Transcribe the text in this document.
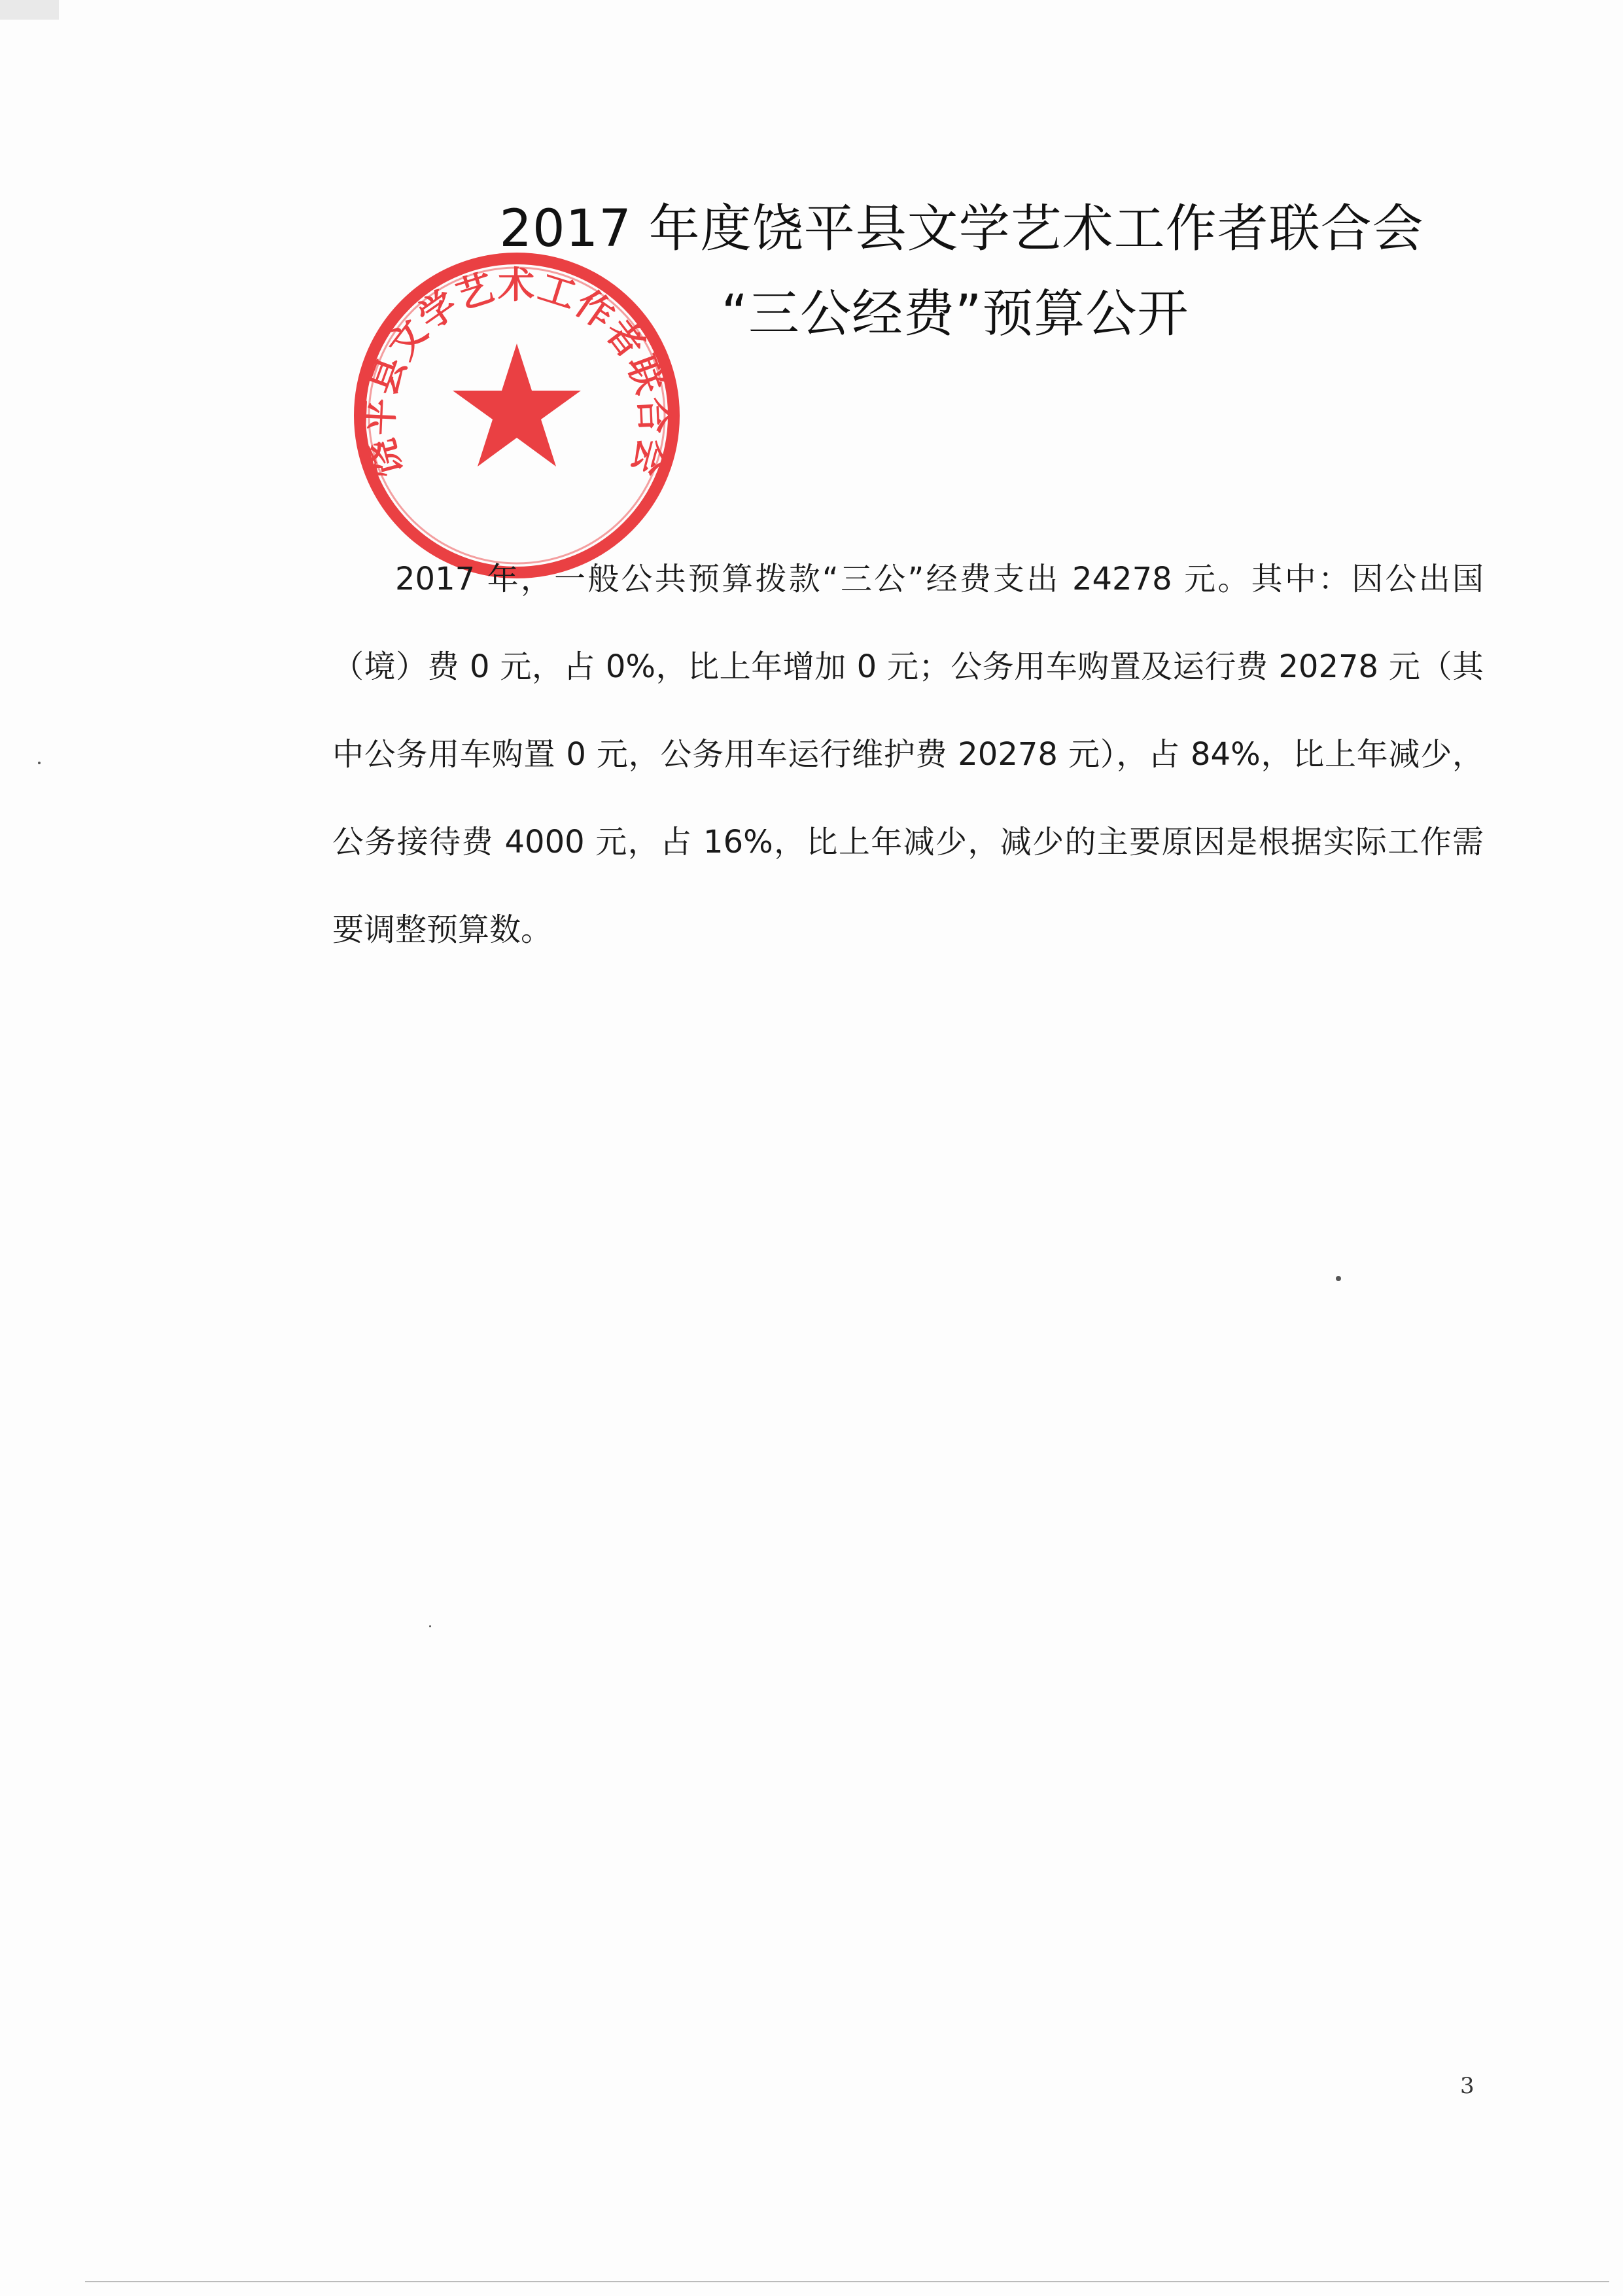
饶平县文学艺术工作者联合会
2017 年度饶平县文学艺术工作者联合会
“三公经费”预算公开

2017 年，一般公共预算拨款“三公”经费支出 24278 元。其中：因公出国（境）费 0 元，占 0%，比上年增加 0 元；公务用车购置及运行费 20278 元（其中公务用车购置 0 元，公务用车运行维护费 20278 元），占 84%，比上年减少，公务接待费 4000 元，占 16%，比上年减少，减少的主要原因是根据实际工作需要调整预算数。

3
